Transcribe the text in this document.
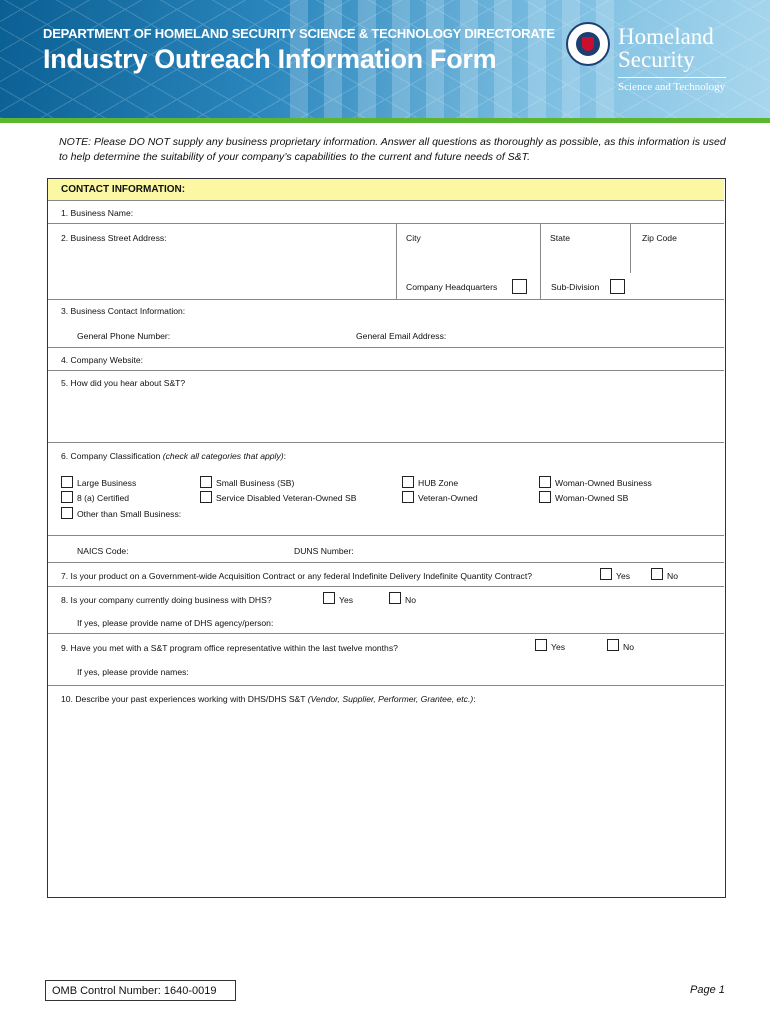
DEPARTMENT OF HOMELAND SECURITY SCIENCE & TECHNOLOGY DIRECTORATE
Industry Outreach Information Form
Homeland
Security
Science and Technology
NOTE: Please DO NOT supply any business proprietary information. Answer all questions as thoroughly as possible, as this information is used to help determine the suitability of your company’s capabilities to the current and future needs of S&T.
CONTACT INFORMATION:
1. Business Name:
2. Business Street Address:	City	State	Zip Code
Company Headquarters	Sub-Division
3. Business Contact Information:
General Phone Number:	General Email Address:
4. Company Website:
5. How did you hear about S&T?
6. Company Classification (check all categories that apply):
Large Business	Small Business (SB)	HUB Zone	Woman-Owned Business
8 (a) Certified	Service Disabled Veteran-Owned SB	Veteran-Owned	Woman-Owned SB
Other than Small Business:
NAICS Code:	DUNS Number:
7. Is your product on a Government-wide Acquisition Contract or any federal Indefinite Delivery Indefinite Quantity Contract?	Yes	No
8. Is your company currently doing business with DHS?	Yes	No
If yes, please provide name of DHS agency/person:
9. Have you met with a S&T program office representative within the last twelve months?	Yes	No
If yes, please provide names:
10. Describe your past experiences working with DHS/DHS S&T (Vendor, Supplier, Performer, Grantee, etc.):
OMB Control Number: 1640-0019	Page 1
